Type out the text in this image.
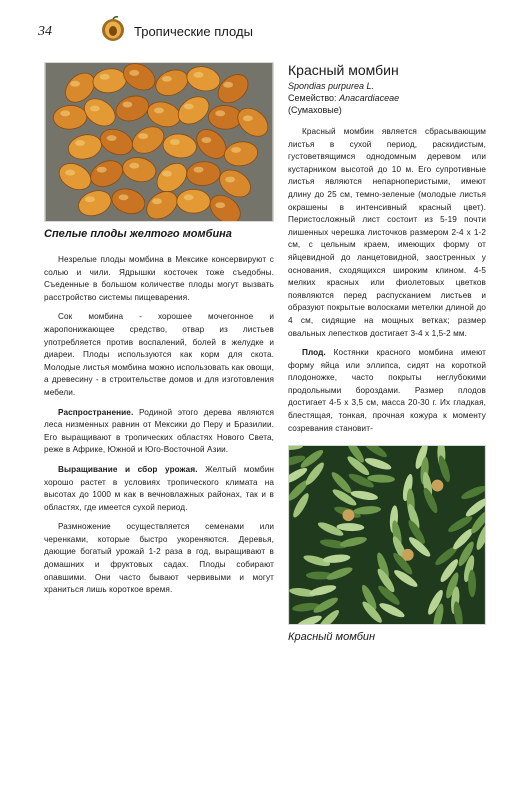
34	Тропические плоды
Спелые плоды желтого момбина

Незрелые плоды момбина в Мексике консервируют с солью и чили. Ядрышки косточек тоже съедобны. Съеденные в большом количестве плоды могут вызвать расстройство системы пищеварения.

Сок момбина - хорошее мочегонное и жаропонижающее средство, отвар из листьев употребляется против воспалений, болей в желудке и диареи. Плоды используются как корм для скота. Молодые листья момбина можно использовать как овощи, а древесину - в строительстве домов и для изготовления мебели.

Распространение. Родиной этого дерева являются леса низменных равнин от Мексики до Перу и Бразилии. Его выращивают в тропических областях Нового Света, реже в Африке, Южной и Юго-Восточной Азии.

Выращивание и сбор урожая. Желтый момбин хорошо растет в условиях тропического климата на высотах до 1000 м как в вечновлажных районах, так и в областях, где имеется сухой период.

Размножение осуществляется семенами или черенками, которые быстро укореняются. Деревья, дающие богатый урожай 1-2 раза в год, выращивают в домашних и фруктовых садах. Плоды собирают опавшими. Они часто бывают червивыми и могут храниться лишь короткое время.

Красный момбин
Spondias purpurea L.
Семейство: Anacardiaceae
(Сумаховые)

Красный момбин является сбрасывающим листья в сухой период, раскидистым, густоветвящимся однодомным деревом или кустарником высотой до 10 м. Его супротивные листья являются непарноперистыми, имеют длину до 25 см, темно-зеленые (молодые листья окрашены в интенсивный красный цвет). Перистосложный лист состоит из 5-19 почти лишенных черешка листочков размером 2-4 х 1-2 см, с цельным краем, имеющих форму от яйцевидной до ланцетовидной, заостренных у основания, сходящихся широким клином. 4-5 мелких красных или фиолетовых цветков появляются перед распусканием листьев и образуют покрытые волосками метелки длиной до 4 см, сидящие на мощных ветках; размер овальных лепестков достигает 3-4 х 1,5-2 мм.

Плод. Костянки красного момбина имеют форму яйца или эллипса, сидят на короткой плодоножке, часто покрыты неглубокими продольными бороздами. Размер плодов достигает 4-5 х 3,5 см, масса 20-30 г. Их гладкая, блестящая, тонкая, прочная кожура к моменту созревания становит-

Красный момбин
